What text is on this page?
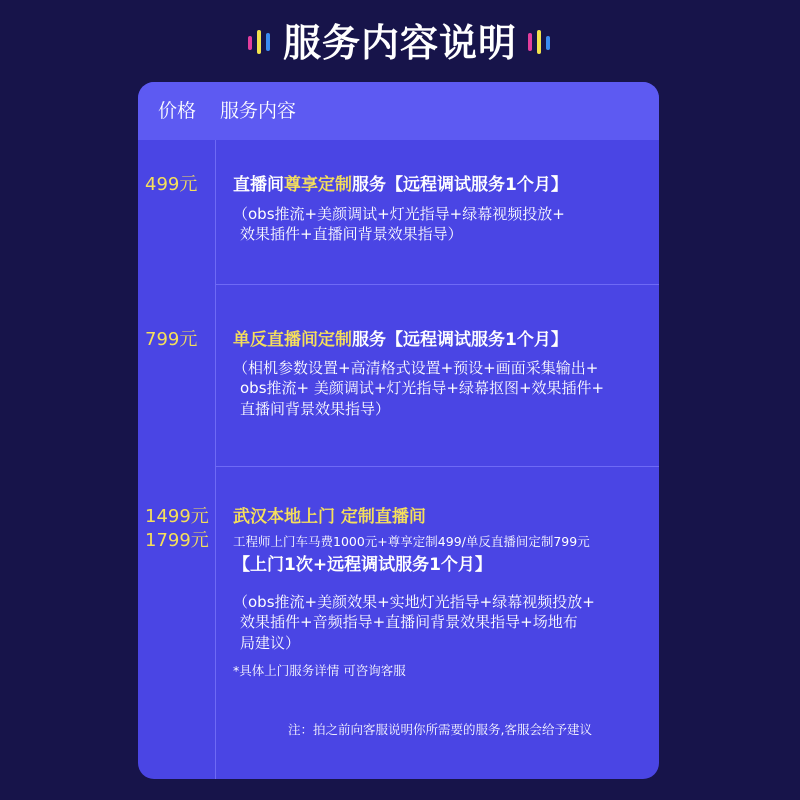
服务内容说明
价格 服务内容
499元 直播间尊享定制服务【远程调试服务1个月】
（obs推流+美颜调试+灯光指导+绿幕视频投放+
效果插件+直播间背景效果指导）
799元 单反直播间定制服务【远程调试服务1个月】
（相机参数设置+高清格式设置+预设+画面采集输出+
obs推流+ 美颜调试+灯光指导+绿幕抠图+效果插件+
直播间背景效果指导）
1499元
1799元
武汉本地上门 定制直播间
工程师上门车马费1000元+尊享定制499/单反直播间定制799元
【上门1次+远程调试服务1个月】
（obs推流+美颜效果+实地灯光指导+绿幕视频投放+
效果插件+音频指导+直播间背景效果指导+场地布
局建议）
*具体上门服务详情 可咨询客服
注：拍之前向客服说明你所需要的服务,客服会给予建议
